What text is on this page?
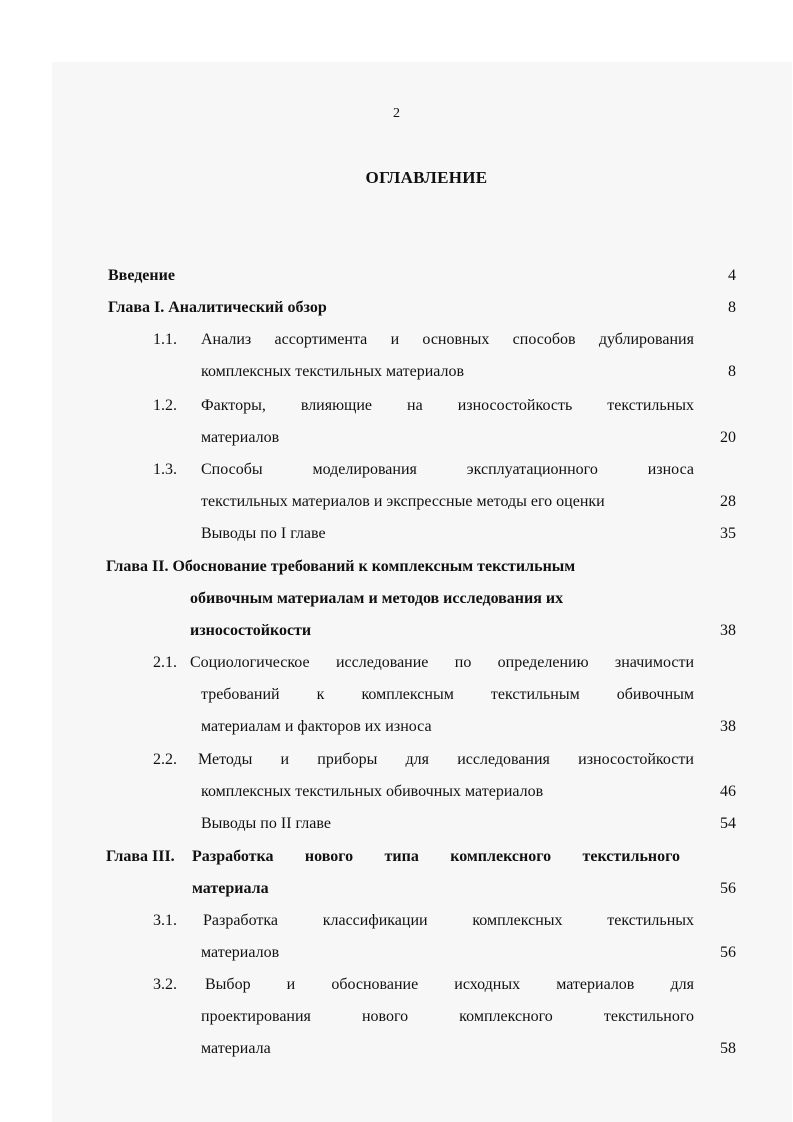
2
ОГЛАВЛЕНИЕ
Введение	4
Глава I. Аналитический обзор	8
1.1. Анализ ассортимента и основных способов дублирования
комплексных текстильных материалов	8
1.2. Факторы, влияющие на износостойкость текстильных
материалов	20
1.3. Способы	моделирования	эксплуатационного	износа
текстильных материалов и экспрессные методы его оценки	28
Выводы по I главе	35
Глава II. Обоснование требований к комплексным текстильным
обивочным материалам и методов исследования их
износостойкости	38
2.1. Социологическое исследование по определению значимости
требований к комплексным текстильным обивочным
материалам и факторов их износа	38
2.2. Методы и приборы для исследования износостойкости
комплексных текстильных обивочных материалов	46
Выводы по II главе	54
Глава III. Разработка нового типа комплексного текстильного
материала	56
3.1. Разработка	классификации	комплексных	текстильных
материалов	56
3.2. Выбор и обоснование исходных материалов для
проектирования	нового	комплексного	текстильного
материала	58
